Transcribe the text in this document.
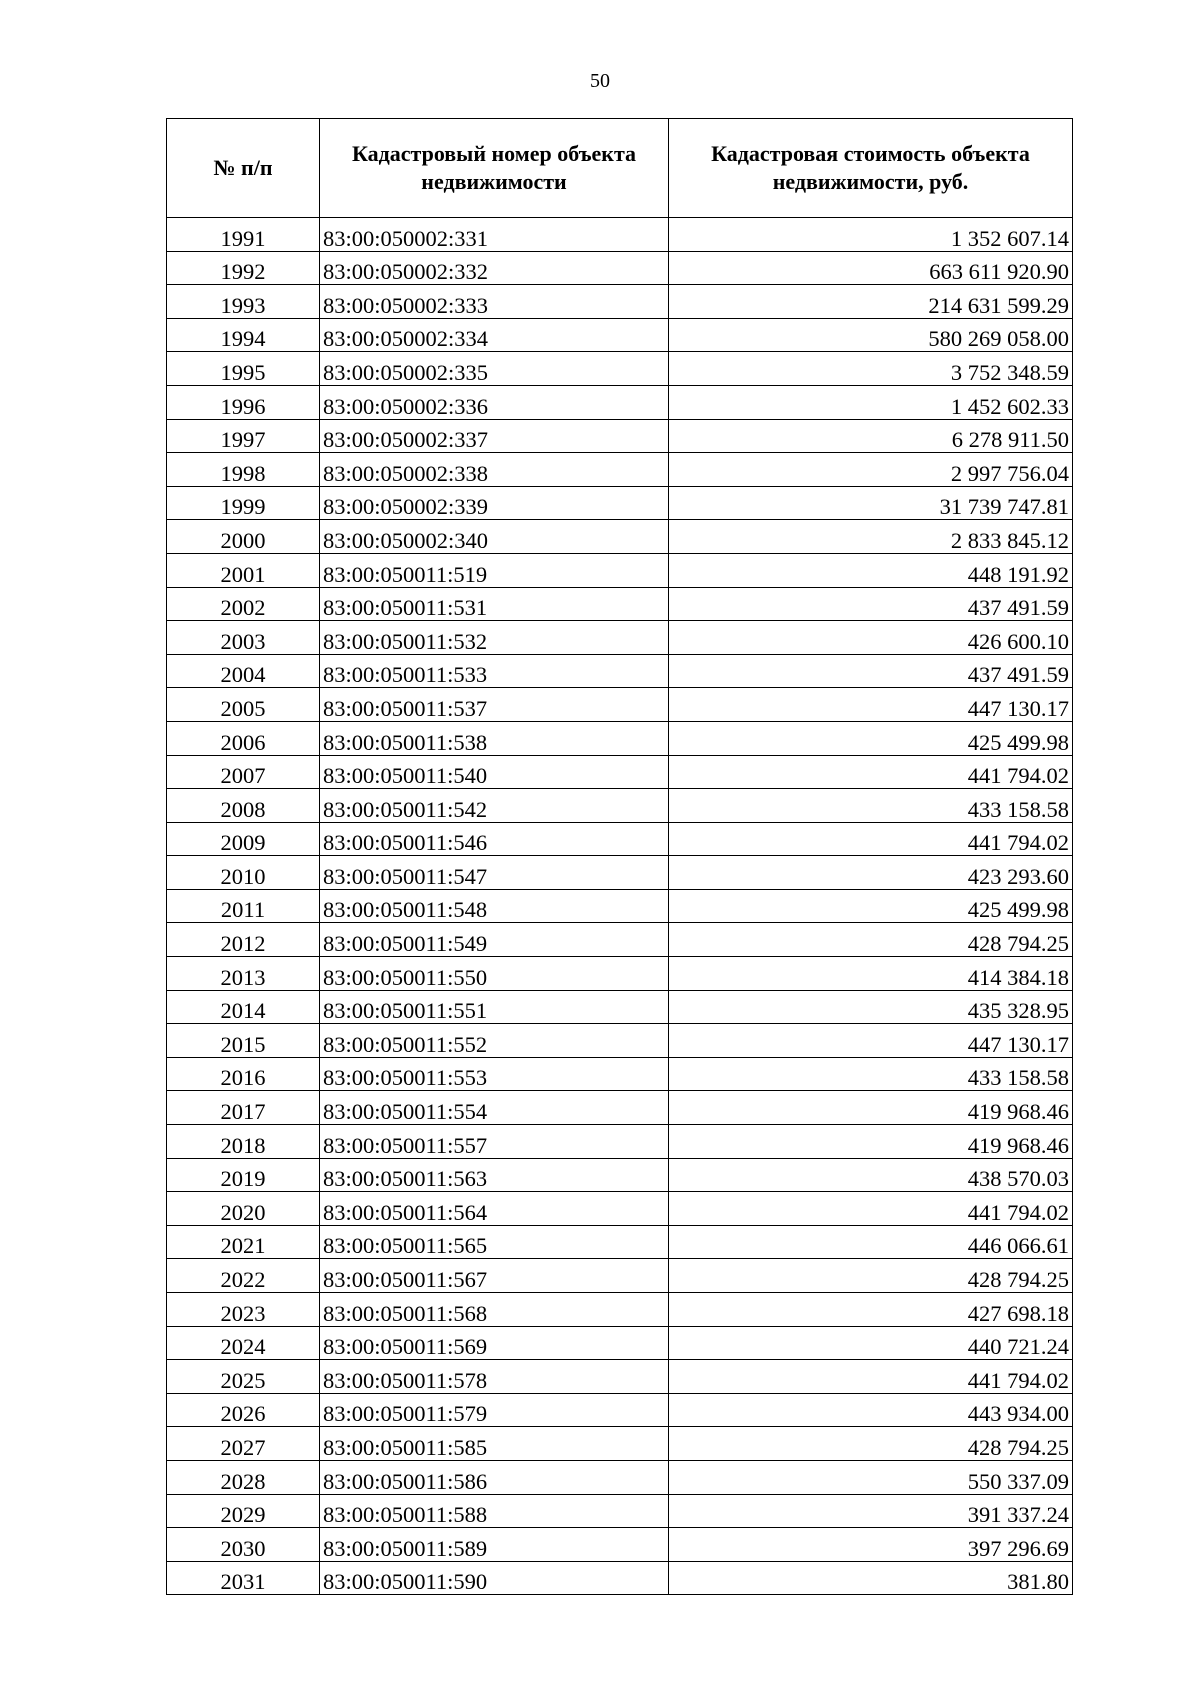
50
№ п/п	Кадастровый номер объекта недвижимости	Кадастровая стоимость объекта недвижимости, руб.
1991	83:00:050002:331	1 352 607.14
1992	83:00:050002:332	663 611 920.90
1993	83:00:050002:333	214 631 599.29
1994	83:00:050002:334	580 269 058.00
1995	83:00:050002:335	3 752 348.59
1996	83:00:050002:336	1 452 602.33
1997	83:00:050002:337	6 278 911.50
1998	83:00:050002:338	2 997 756.04
1999	83:00:050002:339	31 739 747.81
2000	83:00:050002:340	2 833 845.12
2001	83:00:050011:519	448 191.92
2002	83:00:050011:531	437 491.59
2003	83:00:050011:532	426 600.10
2004	83:00:050011:533	437 491.59
2005	83:00:050011:537	447 130.17
2006	83:00:050011:538	425 499.98
2007	83:00:050011:540	441 794.02
2008	83:00:050011:542	433 158.58
2009	83:00:050011:546	441 794.02
2010	83:00:050011:547	423 293.60
2011	83:00:050011:548	425 499.98
2012	83:00:050011:549	428 794.25
2013	83:00:050011:550	414 384.18
2014	83:00:050011:551	435 328.95
2015	83:00:050011:552	447 130.17
2016	83:00:050011:553	433 158.58
2017	83:00:050011:554	419 968.46
2018	83:00:050011:557	419 968.46
2019	83:00:050011:563	438 570.03
2020	83:00:050011:564	441 794.02
2021	83:00:050011:565	446 066.61
2022	83:00:050011:567	428 794.25
2023	83:00:050011:568	427 698.18
2024	83:00:050011:569	440 721.24
2025	83:00:050011:578	441 794.02
2026	83:00:050011:579	443 934.00
2027	83:00:050011:585	428 794.25
2028	83:00:050011:586	550 337.09
2029	83:00:050011:588	391 337.24
2030	83:00:050011:589	397 296.69
2031	83:00:050011:590	381.80
